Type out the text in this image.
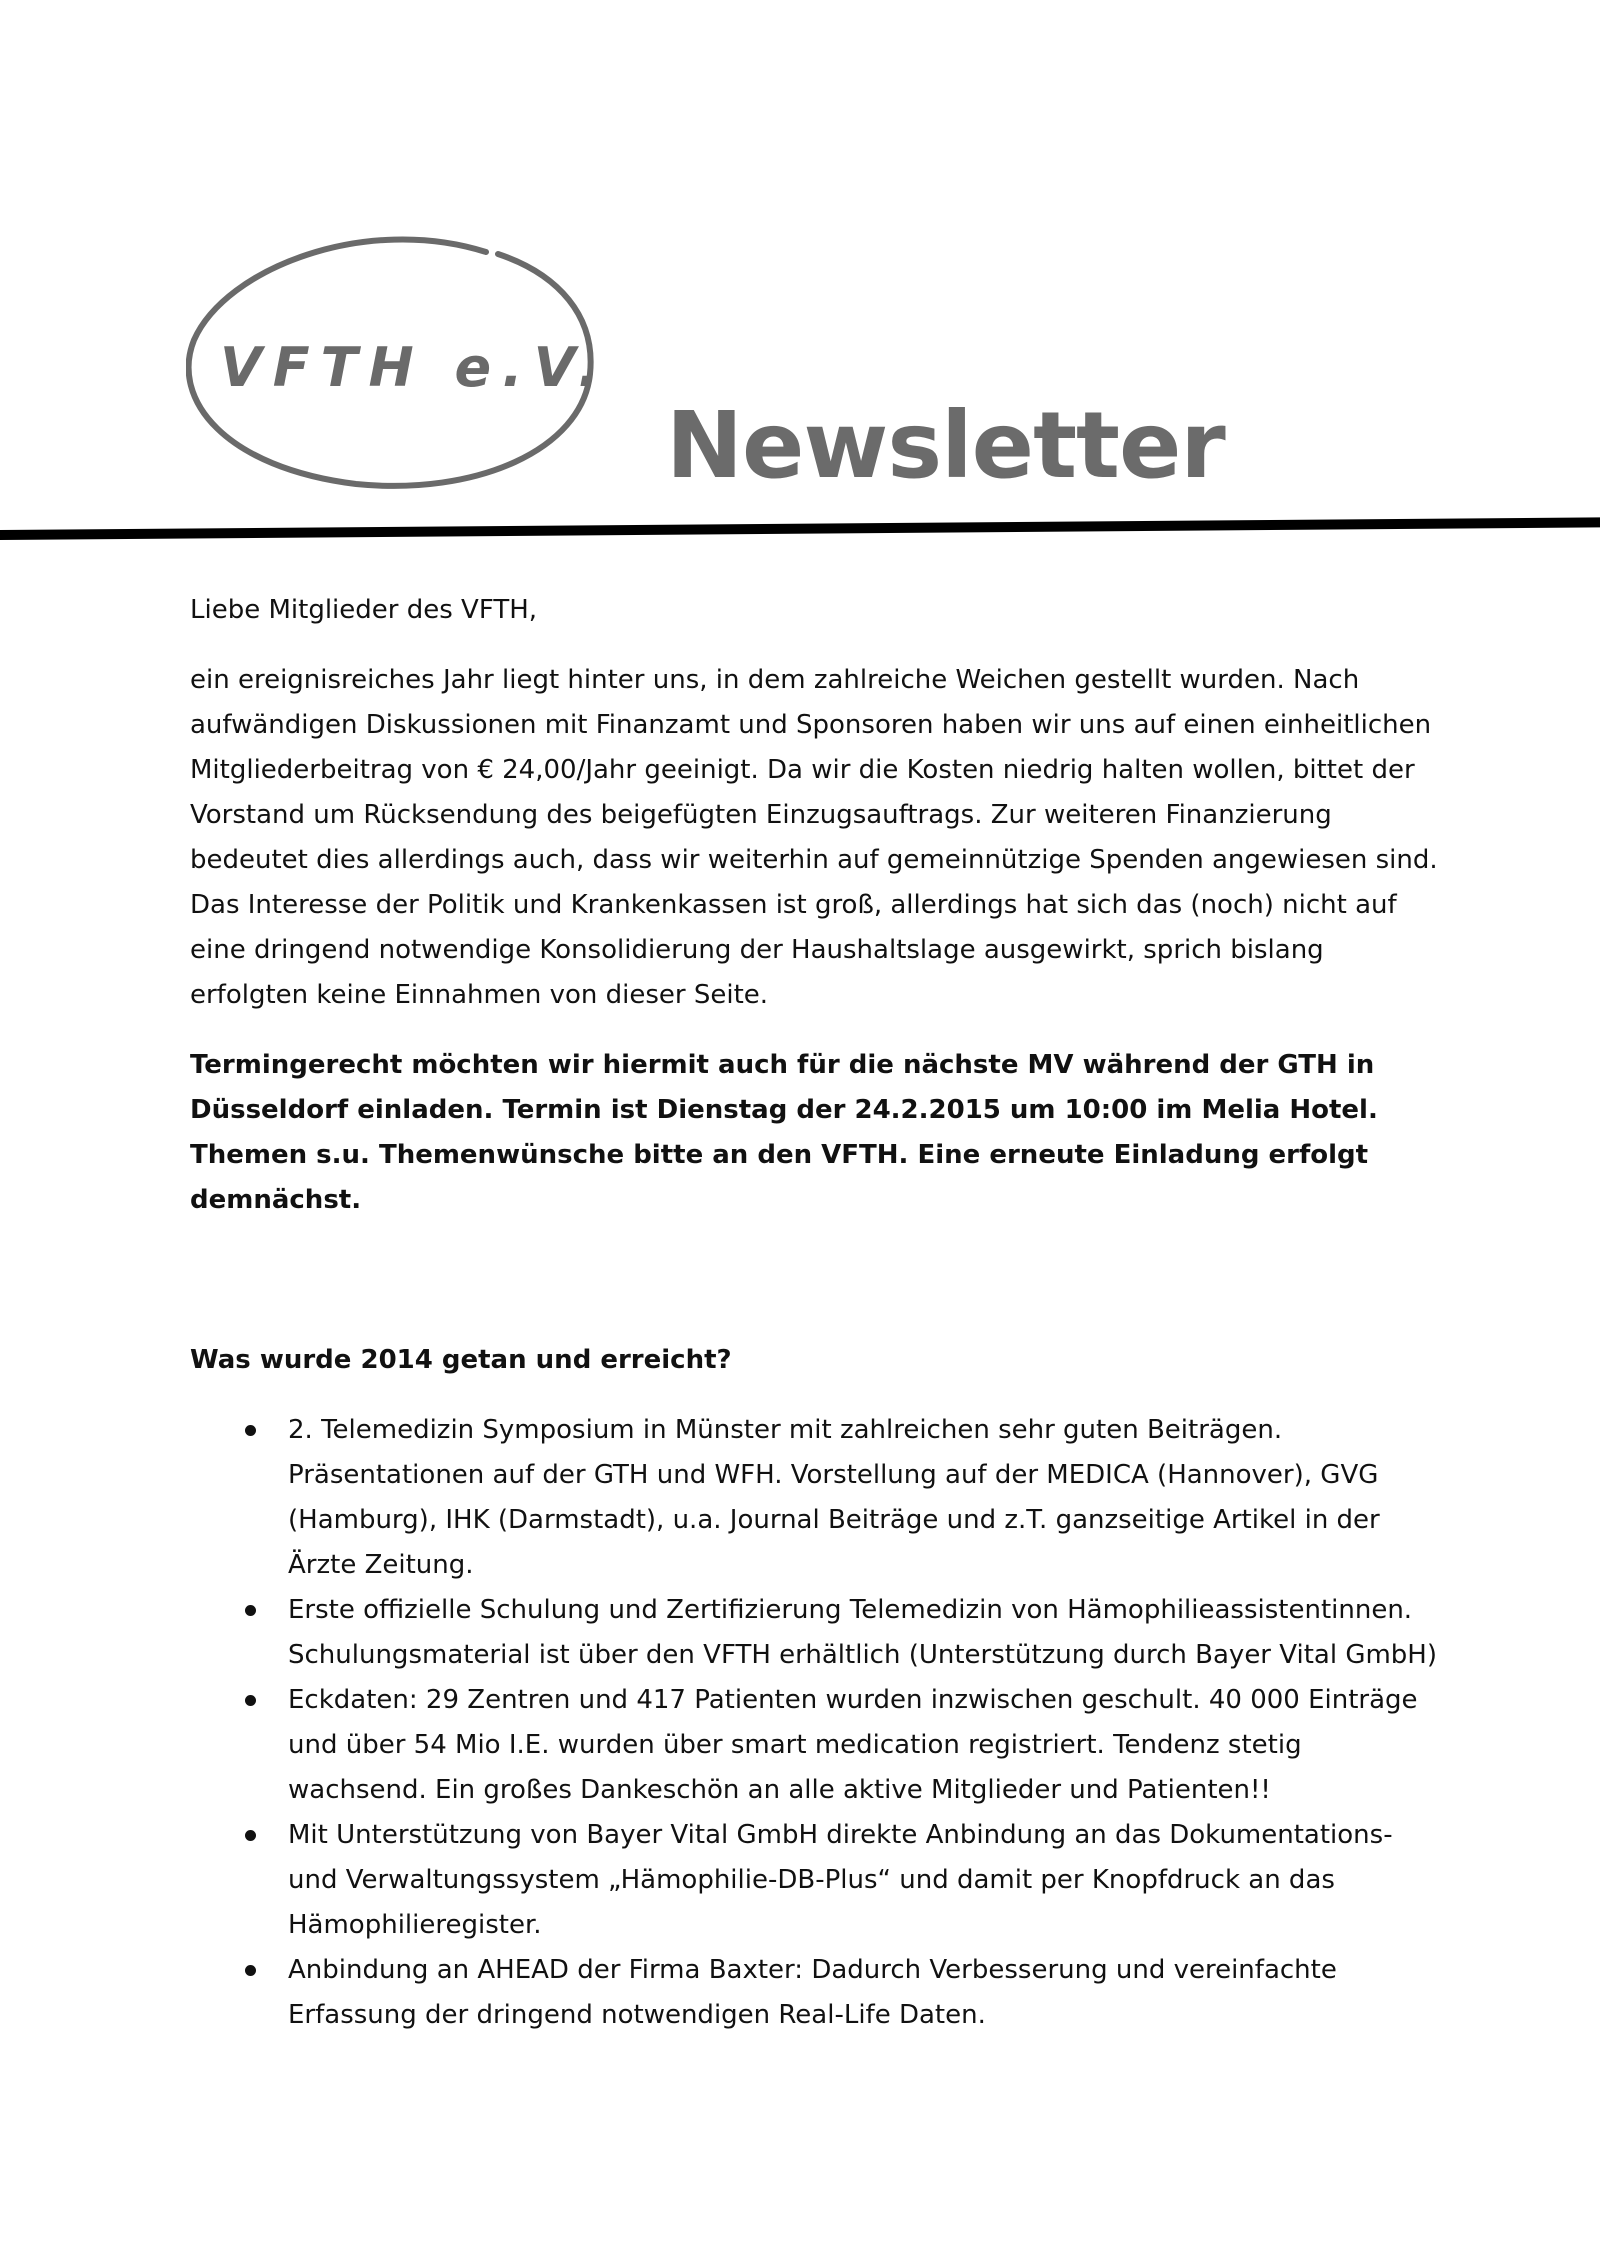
VFTH e.V.
Newsletter

Liebe Mitglieder des VFTH,

ein ereignisreiches Jahr liegt hinter uns, in dem zahlreiche Weichen gestellt wurden. Nach aufwändigen Diskussionen mit Finanzamt und Sponsoren haben wir uns auf einen einheitlichen Mitgliederbeitrag von € 24,00/Jahr geeinigt. Da wir die Kosten niedrig halten wollen, bittet der Vorstand um Rücksendung des beigefügten Einzugsauftrags. Zur weiteren Finanzierung bedeutet dies allerdings auch, dass wir weiterhin auf gemeinnützige Spenden angewiesen sind. Das Interesse der Politik und Krankenkassen ist groß, allerdings hat sich das (noch) nicht auf eine dringend notwendige Konsolidierung der Haushaltslage ausgewirkt, sprich bislang erfolgten keine Einnahmen von dieser Seite.

Termingerecht möchten wir hiermit auch für die nächste MV während der GTH in Düsseldorf einladen. Termin ist Dienstag der 24.2.2015 um 10:00 im Melia Hotel. Themen s.u. Themenwünsche bitte an den VFTH. Eine erneute Einladung erfolgt demnächst.

Was wurde 2014 getan und erreicht?

2. Telemedizin Symposium in Münster mit zahlreichen sehr guten Beiträgen. Präsentationen auf der GTH und WFH. Vorstellung auf der MEDICA (Hannover), GVG (Hamburg), IHK (Darmstadt), u.a. Journal Beiträge und z.T. ganzseitige Artikel in der Ärzte Zeitung.
Erste offizielle Schulung und Zertifizierung Telemedizin von Hämophilieassistentinnen. Schulungsmaterial ist über den VFTH erhältlich (Unterstützung durch Bayer Vital GmbH)
Eckdaten: 29 Zentren und 417 Patienten wurden inzwischen geschult. 40 000 Einträge und über 54 Mio I.E. wurden über smart medication registriert. Tendenz stetig wachsend. Ein großes Dankeschön an alle aktive Mitglieder und Patienten!!
Mit Unterstützung von Bayer Vital GmbH direkte Anbindung an das Dokumentations- und Verwaltungssystem „Hämophilie-DB-Plus“ und damit per Knopfdruck an das Hämophilieregister.
Anbindung an AHEAD der Firma Baxter: Dadurch Verbesserung und vereinfachte Erfassung der dringend notwendigen Real-Life Daten.
